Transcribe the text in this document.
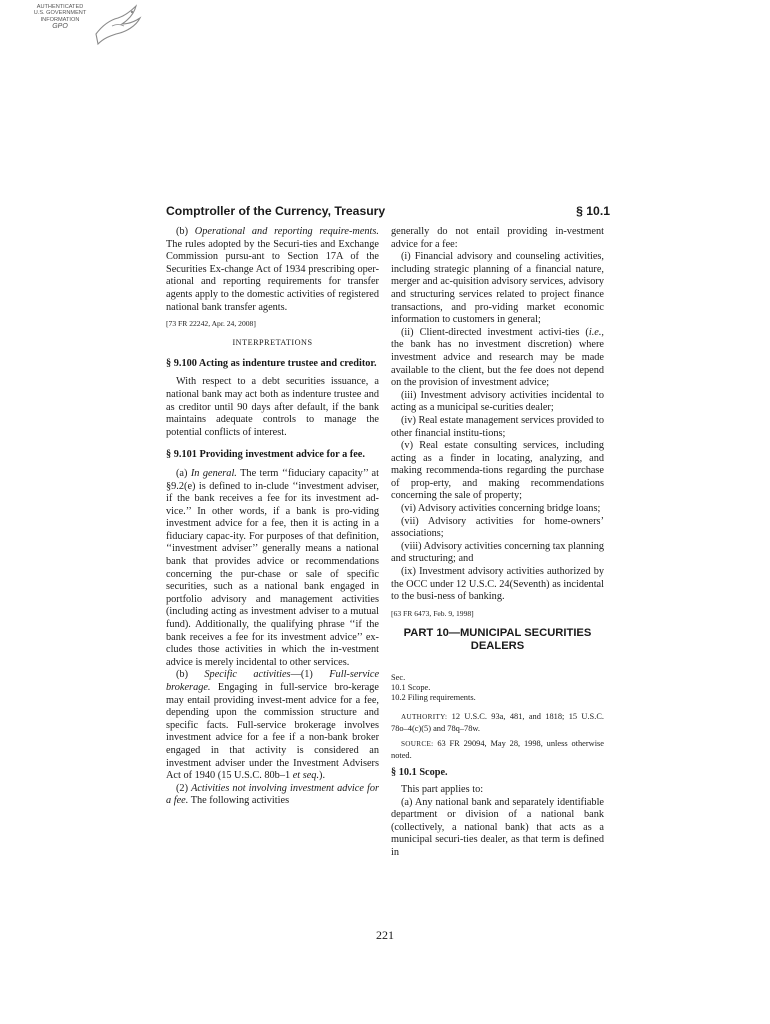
AUTHENTICATED
U.S. GOVERNMENT
INFORMATION
GPO
Comptroller of the Currency, Treasury	§ 10.1

(b) Operational and reporting require-ments. The rules adopted by the Securi-ties and Exchange Commission pursu-ant to Section 17A of the Securities Ex-change Act of 1934 prescribing oper-ational and reporting requirements for transfer agents apply to the domestic activities of registered national bank transfer agents.

[73 FR 22242, Apr. 24, 2008]

INTERPRETATIONS

§ 9.100 Acting as indenture trustee and creditor.

With respect to a debt securities issuance, a national bank may act both as indenture trustee and as creditor until 90 days after default, if the bank maintains adequate controls to manage the potential conflicts of interest.

§ 9.101 Providing investment advice for a fee.

(a) In general. The term ‘‘fiduciary capacity’’ at §9.2(e) is defined to in-clude ‘‘investment adviser, if the bank receives a fee for its investment ad-vice.’’ In other words, if a bank is pro-viding investment advice for a fee, then it is acting in a fiduciary capac-ity. For purposes of that definition, ‘‘investment adviser’’ generally means a national bank that provides advice or recommendations concerning the pur-chase or sale of specific securities, such as a national bank engaged in portfolio advisory and management activities (including acting as investment adviser to a mutual fund). Additionally, the qualifying phrase ‘‘if the bank receives a fee for its investment advice’’ ex-cludes those activities in which the in-vestment advice is merely incidental to other services.

(b) Specific activities—(1) Full-service brokerage. Engaging in full-service bro-kerage may entail providing invest-ment advice for a fee, depending upon the commission structure and specific facts. Full-service brokerage involves investment advice for a fee if a non-bank broker engaged in that activity is considered an investment adviser under the Investment Advisers Act of 1940 (15 U.S.C. 80b–1 et seq.).

(2) Activities not involving investment advice for a fee. The following activities

generally do not entail providing in-vestment advice for a fee:

(i) Financial advisory and counseling activities, including strategic planning of a financial nature, merger and ac-quisition advisory services, advisory and structuring services related to project finance transactions, and pro-viding market economic information to customers in general;

(ii) Client-directed investment activi-ties (i.e., the bank has no investment discretion) where investment advice and research may be made available to the client, but the fee does not depend on the provision of investment advice;

(iii) Investment advisory activities incidental to acting as a municipal se-curities dealer;

(iv) Real estate management services provided to other financial institu-tions;

(v) Real estate consulting services, including acting as a finder in locating, analyzing, and making recommenda-tions regarding the purchase of prop-erty, and making recommendations concerning the sale of property;

(vi) Advisory activities concerning bridge loans;

(vii) Advisory activities for home-owners’ associations;

(viii) Advisory activities concerning tax planning and structuring; and

(ix) Investment advisory activities authorized by the OCC under 12 U.S.C. 24(Seventh) as incidental to the busi-ness of banking.

[63 FR 6473, Feb. 9, 1998]

PART 10—MUNICIPAL SECURITIES DEALERS

Sec.

10.1 Scope.

10.2 Filing requirements.

AUTHORITY: 12 U.S.C. 93a, 481, and 1818; 15 U.S.C. 78o–4(c)(5) and 78q–78w.

SOURCE: 63 FR 29094, May 28, 1998, unless otherwise noted.

§ 10.1 Scope.

This part applies to:

(a) Any national bank and separately identifiable department or division of a national bank (collectively, a national bank) that acts as a municipal securi-ties dealer, as that term is defined in

221
